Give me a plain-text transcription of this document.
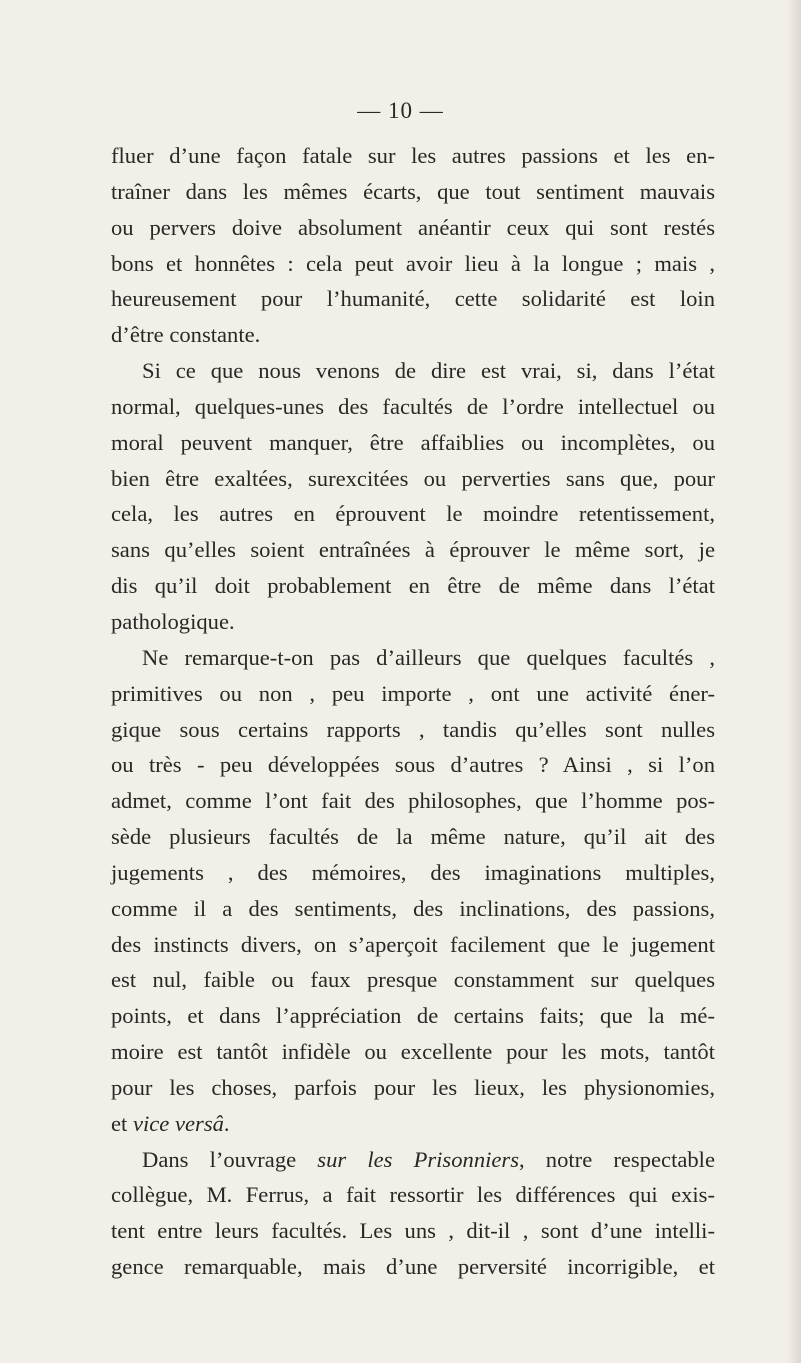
— 10 —
fluer d’une façon fatale sur les autres passions et les en-
traîner dans les mêmes écarts, que tout sentiment mauvais
ou pervers doive absolument anéantir ceux qui sont restés
bons et honnêtes : cela peut avoir lieu à la longue ; mais ,
heureusement pour l’humanité, cette solidarité est loin
d’être constante.
Si ce que nous venons de dire est vrai, si, dans l’état
normal, quelques-unes des facultés de l’ordre intellectuel ou
moral peuvent manquer, être affaiblies ou incomplètes, ou
bien être exaltées, surexcitées ou perverties sans que, pour
cela, les autres en éprouvent le moindre retentissement,
sans qu’elles soient entraînées à éprouver le même sort, je
dis qu’il doit probablement en être de même dans l’état
pathologique.
Ne remarque-t-on pas d’ailleurs que quelques facultés ,
primitives ou non , peu importe , ont une activité éner-
gique sous certains rapports , tandis qu’elles sont nulles
ou très - peu développées sous d’autres ? Ainsi , si l’on
admet, comme l’ont fait des philosophes, que l’homme pos-
sède plusieurs facultés de la même nature, qu’il ait des
jugements , des mémoires, des imaginations multiples,
comme il a des sentiments, des inclinations, des passions,
des instincts divers, on s’aperçoit facilement que le jugement
est nul, faible ou faux presque constamment sur quelques
points, et dans l’appréciation de certains faits; que la mé-
moire est tantôt infidèle ou excellente pour les mots, tantôt
pour les choses, parfois pour les lieux, les physionomies,
et vice versâ.
Dans l’ouvrage sur les Prisonniers, notre respectable
collègue, M. Ferrus, a fait ressortir les différences qui exis-
tent entre leurs facultés. Les uns , dit-il , sont d’une intelli-
gence remarquable, mais d’une perversité incorrigible, et
